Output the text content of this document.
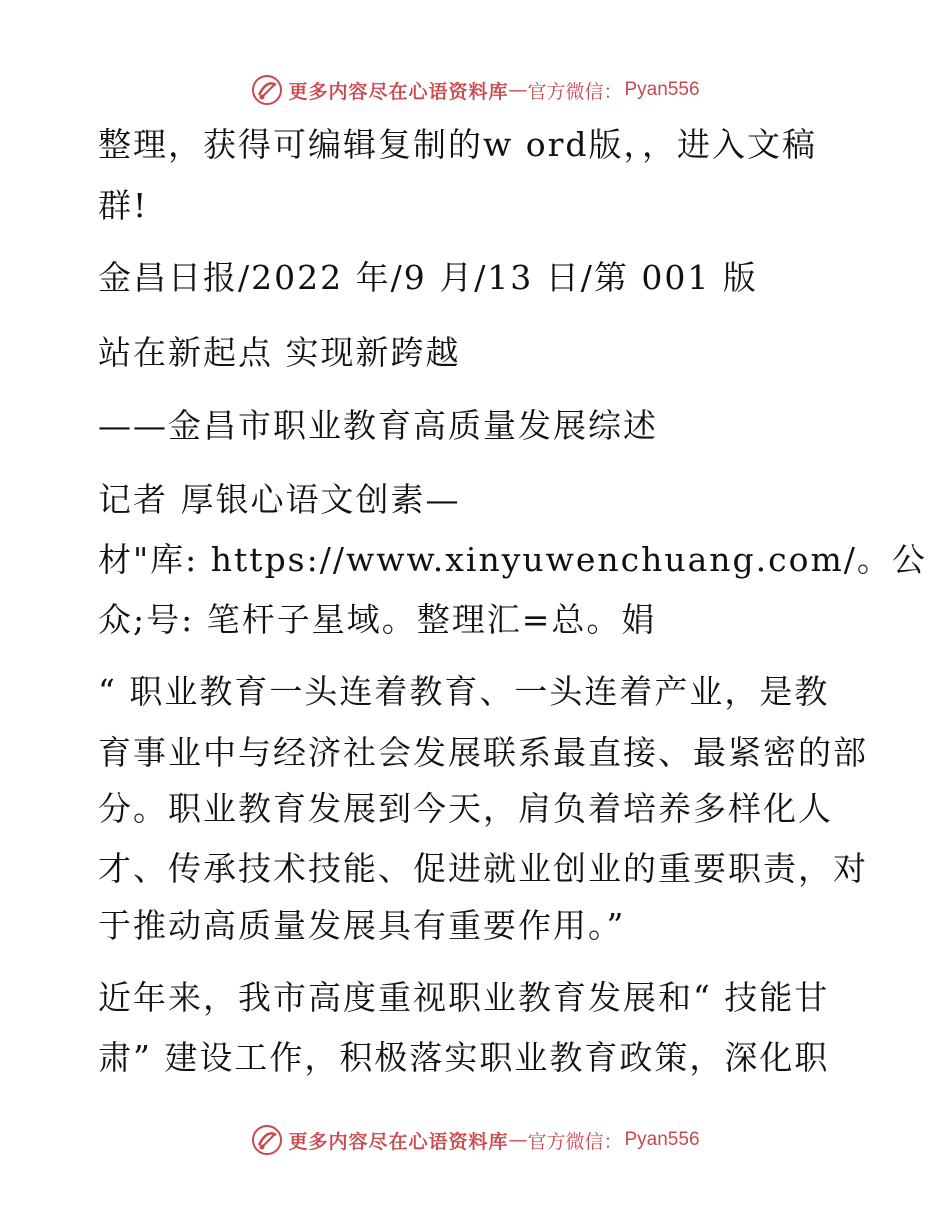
更多内容尽在心语资料库 — 官方微信： Pyan556
整理，获得可编辑复制的w ord版，，进入文稿
群!
金昌日报/2022 年/9 月/13 日/第 001 版
站在新起点 实现新跨越
——金昌市职业教育高质量发展综述
记者 厚银心语文创素—
材"库: https://www.xinyuwenchuang.com/。公
众;号: 笔杆子星域。整理汇=总。娟
“ 职业教育一头连着教育、一头连着产业，是教
育事业中与经济社会发展联系最直接、最紧密的部
分。职业教育发展到今天，肩负着培养多样化人
才、传承技术技能、促进就业创业的重要职责，对
于推动高质量发展具有重要作用。”
近年来，我市高度重视职业教育发展和“ 技能甘
肃” 建设工作，积极落实职业教育政策，深化职
更多内容尽在心语资料库 — 官方微信： Pyan556
